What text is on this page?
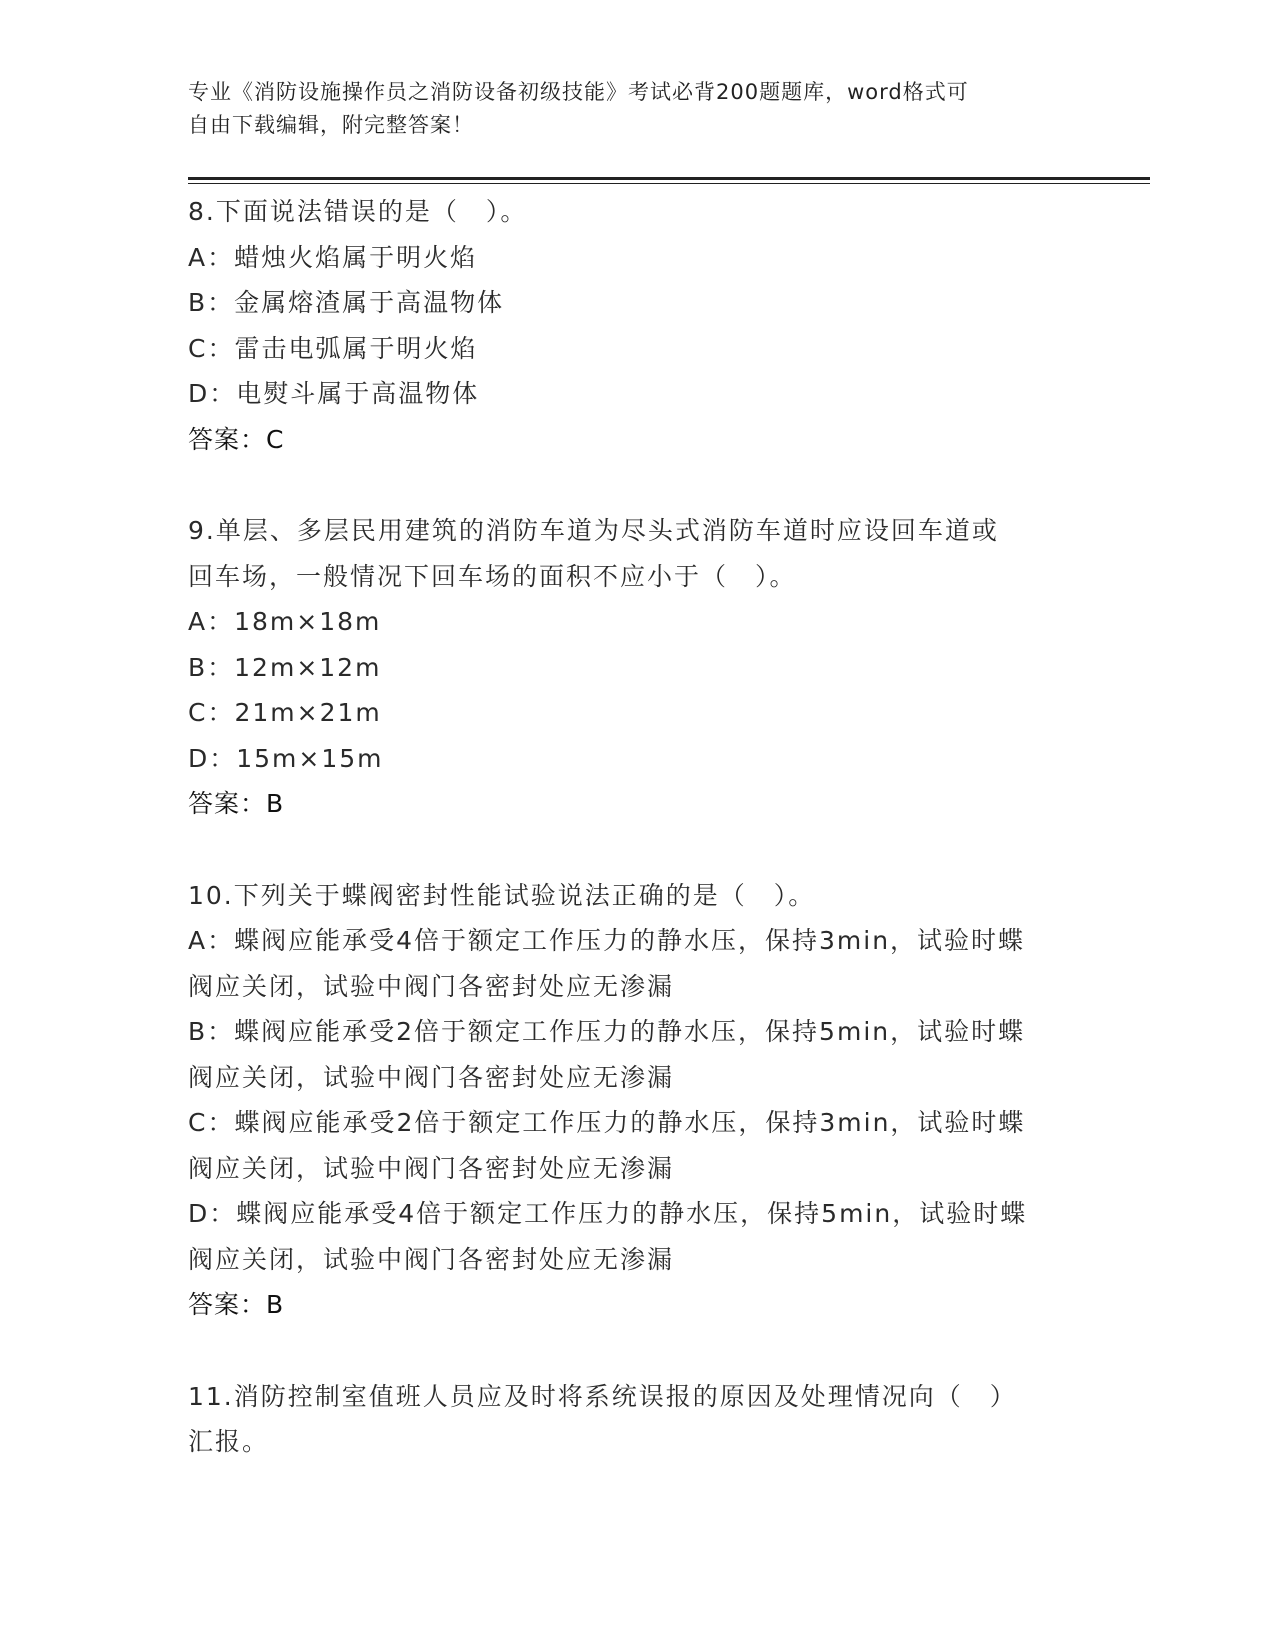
专业《消防设施操作员之消防设备初级技能》考试必背200题题库，word格式可
自由下载编辑，附完整答案！
8.下面说法错误的是（　）。
A：蜡烛火焰属于明火焰
B：金属熔渣属于高温物体
C：雷击电弧属于明火焰
D：电熨斗属于高温物体
答案：C
9.单层、多层民用建筑的消防车道为尽头式消防车道时应设回车道或
回车场，一般情况下回车场的面积不应小于（　）。
A：18m×18m
B：12m×12m
C：21m×21m
D：15m×15m
答案：B
10.下列关于蝶阀密封性能试验说法正确的是（　）。
A：蝶阀应能承受4倍于额定工作压力的静水压，保持3min，试验时蝶
阀应关闭，试验中阀门各密封处应无渗漏
B：蝶阀应能承受2倍于额定工作压力的静水压，保持5min，试验时蝶
阀应关闭，试验中阀门各密封处应无渗漏
C：蝶阀应能承受2倍于额定工作压力的静水压，保持3min，试验时蝶
阀应关闭，试验中阀门各密封处应无渗漏
D：蝶阀应能承受4倍于额定工作压力的静水压，保持5min，试验时蝶
阀应关闭，试验中阀门各密封处应无渗漏
答案：B
11.消防控制室值班人员应及时将系统误报的原因及处理情况向（　）
汇报。
